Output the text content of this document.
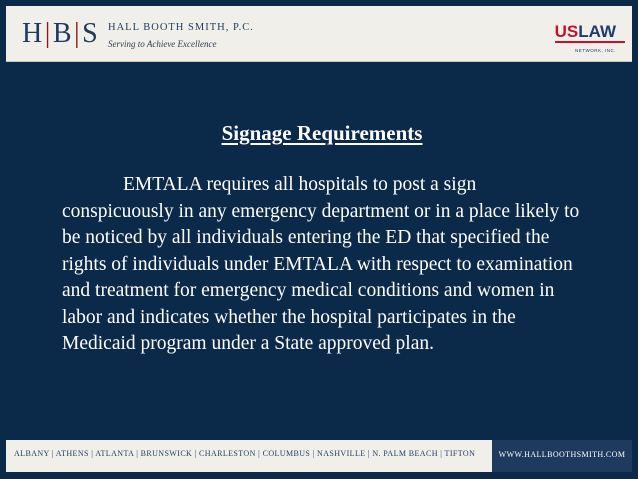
H|B|S HALL BOOTH SMITH, P.C.
Serving to Achieve Excellence
USLAW
NETWORK, INC.
Signage Requirements

EMTALA requires all hospitals to post a sign conspicuously in any emergency department or in a place likely to be noticed by all individuals entering the ED that specified the rights of individuals under EMTALA with respect to examination and treatment for emergency medical conditions and women in labor and indicates whether the hospital participates in the Medicaid program under a State approved plan.

ALBANY | ATHENS | ATLANTA | BRUNSWICK | CHARLESTON | COLUMBUS | NASHVILLE | N. PALM BEACH | TIFTON	WWW.HALLBOOTHSMITH.COM
